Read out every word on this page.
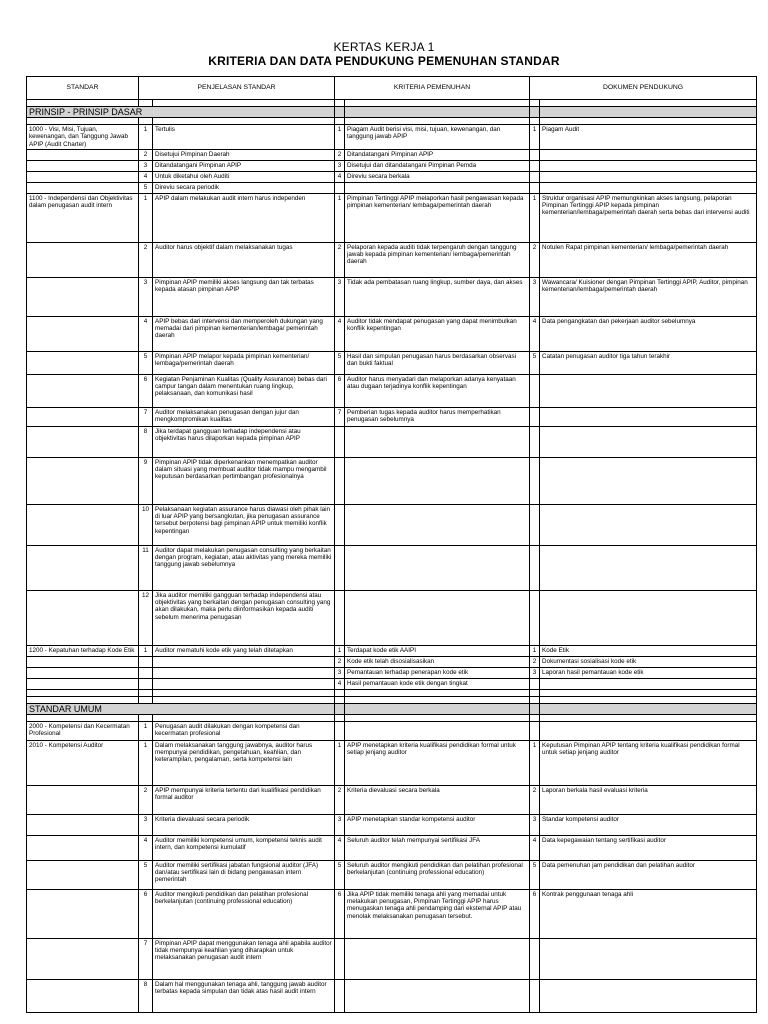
KERTAS KERJA 1
KRITERIA DAN DATA PENDUKUNG PEMENUHAN STANDAR
STANDAR	PENJELASAN STANDAR		KRITERIA PEMENUHAN		DOKUMEN PENDUKUNG	

PRINSIP - PRINSIP DASAR						

1000 - Visi, Misi, Tujuan, kewenangan, dan Tanggung Jawab APIP (Audit Charter)	1	Tertulis	1	Piagam Audit berisi visi, misi, tujuan, kewenangan, dan tanggung jawab APIP	1	Piagam Audit
	2	Disetujui Pimpinan Daerah	2	Ditandatangani Pimpinan APIP		
	3	Ditandatangani Pimpinan APIP	3	Disetujui dan ditandatangani Pimpinan Pemda		
	4	Untuk diketahui oleh Auditi	4	Direviu secara berkala		
	5	Direviu secara periodik				
1100 - Independensi dan Objektivitas dalam penugasan audit intern	1	APIP dalam melakukan audit intern harus independen	1	Pimpinan Tertinggi APIP melaporkan hasil pengawasan kepada pimpinan kementerian/ lembaga/pemerintah daerah	1	Struktur organisasi APIP memungkinkan akses langsung, pelaporan Pimpinan Tertinggi APIP kepada pimpinan kementerian/lembaga/pemerintah daerah serta bebas dari intervensi auditi
	2	Auditor harus objektif dalam melaksanakan tugas	2	Pelaporan kepada auditi tidak terpengaruh dengan tanggung jawab kepada pimpinan kementerian/ lembaga/pemerintah daerah	2	Notulen Rapat pimpinan kementerian/ lembaga/pemerintah daerah
	3	Pimpinan APIP memiliki akses langsung dan tak terbatas kepada atasan pimpinan APIP	3	Tidak ada pembatasan ruang lingkup, sumber daya, dan akses	3	Wawancara/ Kuisioner dengan Pimpinan Tertinggi APIP, Auditor, pimpinan kementerian/lembaga/pemerintah daerah
	4	APIP bebas dari intervensi dan memperoleh dukungan yang memadai dari pimpinan kementerian/lembaga/ pemerintah daerah	4	Auditor tidak mendapat penugasan yang dapat menimbulkan konflik kepentingan	4	Data pengangkatan dan pekerjaan auditor sebelumnya
	5	Pimpinan APIP melapor kepada pimpinan kementerian/ lembaga/pemerintah daerah	5	Hasil dan simpulan penugasan harus berdasarkan observasi dan bukti faktual	5	Catatan penugasan auditor tiga tahun terakhir
	6	Kegiatan Penjaminan Kualitas (Quality Assurance) bebas dari campur tangan dalam menentukan ruang lingkup, pelaksanaan, dan komunikasi hasil	6	Auditor harus menyadari dan melaporkan adanya kenyataan atau dugaan terjadinya konflik kepentingan		
	7	Auditor melaksanakan penugasan dengan jujur dan mengkompromikan kualitas	7	Pemberian tugas kepada auditor harus memperhatikan penugasan sebelumnya		
	8	Jika terdapat gangguan terhadap independensi atau objektivitas harus dilaporkan kepada pimpinan APIP				
	9	Pimpinan APIP tidak diperkenankan menempatkan auditor dalam situasi yang membuat auditor tidak mampu mengambil keputusan berdasarkan pertimbangan profesionalnya				
	10	Pelaksanaan kegiatan assurance harus diawasi oleh pihak lain di luar APIP yang bersangkutan, jika penugasan assurance tersebut berpotensi bagi pimpinan APIP untuk memiliki konflik kepentingan				
	11	Auditor dapat melakukan penugasan consulting yang berkaitan dengan program, kegiatan, atau aktivitas yang mereka memiliki tanggung jawab sebelumnya				
	12	Jika auditor memiliki gangguan terhadap independensi atau objektivitas yang berkaitan dengan penugasan consulting yang akan dilakukan, maka perlu diinformasikan kepada auditi sebelum menerima penugasan				
1200 - Kepatuhan terhadap Kode Etik	1	Auditor mematuhi kode etik yang telah ditetapkan	1	Terdapat kode etik AAIPI	1	Kode Etik
			2	Kode etik telah disosialisasikan	2	Dokumentasi sosialisasi kode etik
			3	Pemantauan terhadap penerapan kode etik	3	Laporan hasil pemantauan kode etik
			4	Hasil pemantauan kode etik dengan tingkat		

STANDAR UMUM						

2000 - Kompetensi dan Kecermatan Profesional	1	Penugasan audit dilakukan dengan kompetensi dan kecermatan profesional				
2010 - Kompetensi Auditor	1	Dalam melaksanakan tanggung jawabnya, auditor harus mempunyai pendidikan, pengetahuan, keahlian, dan keterampilan, pengalaman, serta kompetensi lain	1	APIP menetapkan kriteria kualifikasi pendidikan formal untuk setiap jenjang auditor	1	Keputusan Pimpinan APIP tentang kriteria kualifikasi pendidikan formal untuk setiap jenjang auditor
	2	APIP mempunyai kriteria tertentu dari kualifikasi pendidikan formal auditor	2	Kriteria dievaluasi secara berkala	2	Laporan berkala hasil evaluasi kriteria
	3	Kriteria dievaluasi secara periodik	3	APIP menetapkan standar kompetensi auditor	3	Standar kompetensi auditor
	4	Auditor memiliki kompetensi umum, kompetensi teknis audit intern, dan kompetensi kumulatif	4	Seluruh auditor telah mempunyai sertifikasi JFA	4	Data kepegawaian tentang sertifikasi auditor
	5	Auditor memiliki sertifikasi jabatan fungsional auditor (JFA) dan/atau sertifikasi lain di bidang pengawasan intern pemerintah	5	Seluruh auditor mengikuti pendidikan dan pelatihan profesional berkelanjutan (continuing professional education)	5	Data pemenuhan jam pendidikan dan pelatihan auditor
	6	Auditor mengikuti pendidikan dan pelatihan profesional berkelanjutan (continuing professional education)	6	Jika APIP tidak memiliki tenaga ahli yang memadai untuk melakukan penugasan, Pimpinan Tertinggi APIP harus menugaskan tenaga ahli pendamping dari eksternal APIP atau menolak melaksanakan penugasan tersebut.	6	Kontrak penggunaan tenaga ahli
	7	Pimpinan APIP dapat menggunakan tenaga ahli apabila auditor tidak mempunyai keahlian yang diharapkan untuk melaksanakan penugasan audit intern				
	8	Dalam hal menggunakan tenaga ahli, tanggung jawab auditor terbatas kepada simpulan dan tidak atas hasil audit intern				
